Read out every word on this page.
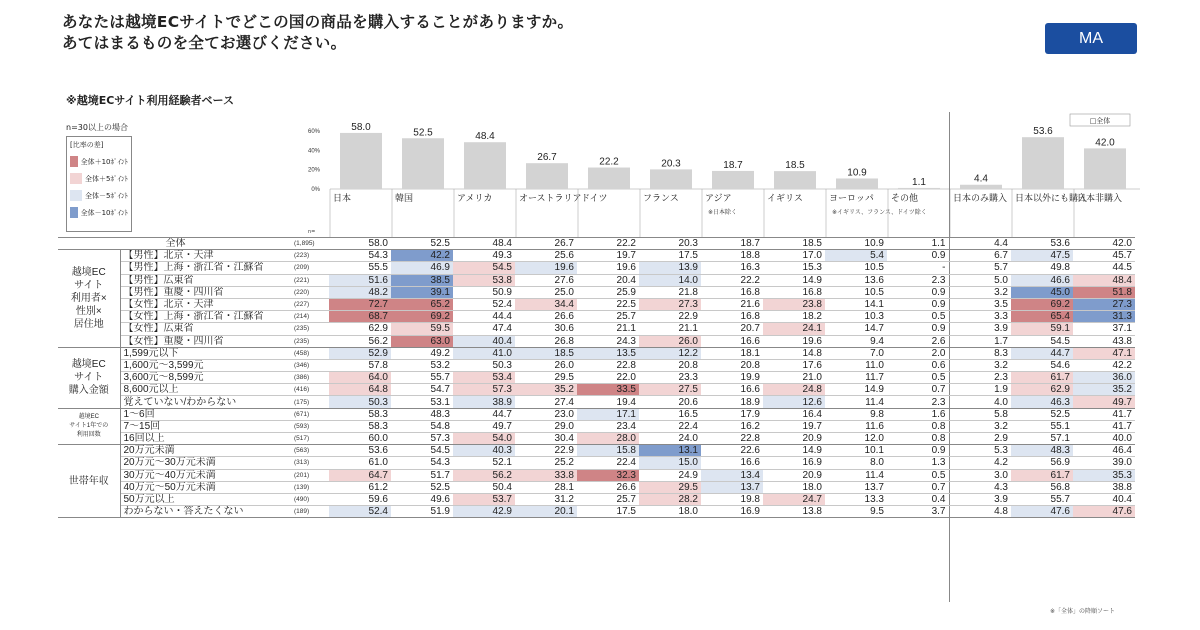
あなたは越境ECサイトでどこの国の商品を購入することがありますか。
あてはまるものを全てお選びください。	MA
※越境ECサイト利用経験者ベース
n=30以上の場合
[比率の差]
全体＋10ﾎﾟｲﾝﾄ
全体＋5ﾎﾟｲﾝﾄ
全体－5ﾎﾟｲﾝﾄ
全体－10ﾎﾟｲﾝﾄ
60%
40%
20%
0%
58.0
日本
52.5
韓国
48.4
アメリカ
26.7
オーストラリア
22.2
ドイツ
20.3
フランス
18.7
アジア
※日本除く
18.5
イギリス
10.9
ヨーロッパ
※イギリス、フランス、ドイツ除く
1.1
その他
4.4
日本のみ購入
53.6
日本以外にも購入
42.0
日本非購入
n=
□全体
全体		(1,895)	58.0	52.5	48.4	26.7	22.2	20.3	18.7	18.5	10.9	1.1	4.4	53.6	42.0
越境EC
サイト
利用者×
性別×
居住地	【男性】北京・天津	(223)	54.3	42.2	49.3	25.6	19.7	17.5	18.8	17.0	5.4	0.9	6.7	47.5	45.7
	【男性】上海・浙江省・江蘇省	(209)	55.5	46.9	54.5	19.6	19.6	13.9	16.3	15.3	10.5	-	5.7	49.8	44.5
	【男性】広東省	(221)	51.6	38.5	53.8	27.6	20.4	14.0	22.2	14.9	13.6	2.3	5.0	46.6	48.4
	【男性】重慶・四川省	(220)	48.2	39.1	50.9	25.0	25.9	21.8	16.8	16.8	10.5	0.9	3.2	45.0	51.8
	【女性】北京・天津	(227)	72.7	65.2	52.4	34.4	22.5	27.3	21.6	23.8	14.1	0.9	3.5	69.2	27.3
	【女性】上海・浙江省・江蘇省	(214)	68.7	69.2	44.4	26.6	25.7	22.9	16.8	18.2	10.3	0.5	3.3	65.4	31.3
	【女性】広東省	(235)	62.9	59.5	47.4	30.6	21.1	21.1	20.7	24.1	14.7	0.9	3.9	59.1	37.1
	【女性】重慶・四川省	(235)	56.2	63.0	40.4	26.8	24.3	26.0	16.6	19.6	9.4	2.6	1.7	54.5	43.8
越境EC
サイト
購入金額	1,599元以下	(458)	52.9	49.2	41.0	18.5	13.5	12.2	18.1	14.8	7.0	2.0	8.3	44.7	47.1
	1,600元～3,599元	(346)	57.8	53.2	50.3	26.0	22.8	20.8	20.8	17.6	11.0	0.6	3.2	54.6	42.2
	3,600元～8,599元	(386)	64.0	55.7	53.4	29.5	22.0	23.3	19.9	21.0	11.7	0.5	2.3	61.7	36.0
	8,600元以上	(416)	64.8	54.7	57.3	35.2	33.5	27.5	16.6	24.8	14.9	0.7	1.9	62.9	35.2
	覚えていない/わからない	(175)	50.3	53.1	38.9	27.4	19.4	20.6	18.9	12.6	11.4	2.3	4.0	46.3	49.7
越境EC
サイト1年での
利用回数	1～6回	(671)	58.3	48.3	44.7	23.0	17.1	16.5	17.9	16.4	9.8	1.6	5.8	52.5	41.7
	7～15回	(593)	58.3	54.8	49.7	29.0	23.4	22.4	16.2	19.7	11.6	0.8	3.2	55.1	41.7
	16回以上	(517)	60.0	57.3	54.0	30.4	28.0	24.0	22.8	20.9	12.0	0.8	2.9	57.1	40.0
世帯年収	20万元未満	(563)	53.6	54.5	40.3	22.9	15.8	13.1	22.6	14.9	10.1	0.9	5.3	48.3	46.4
	20万元～30万元未満	(313)	61.0	54.3	52.1	25.2	22.4	15.0	16.6	16.9	8.0	1.3	4.2	56.9	39.0
	30万元～40万元未満	(201)	64.7	51.7	56.2	33.8	32.3	24.9	13.4	20.9	11.4	0.5	3.0	61.7	35.3
	40万元～50万元未満	(139)	61.2	52.5	50.4	28.1	26.6	29.5	13.7	18.0	13.7	0.7	4.3	56.8	38.8
	50万元以上	(490)	59.6	49.6	53.7	31.2	25.7	28.2	19.8	24.7	13.3	0.4	3.9	55.7	40.4
	わからない・答えたくない	(189)	52.4	51.9	42.9	20.1	17.5	18.0	16.9	13.8	9.5	3.7	4.8	47.6	47.6
※「全体」の降順ソート
